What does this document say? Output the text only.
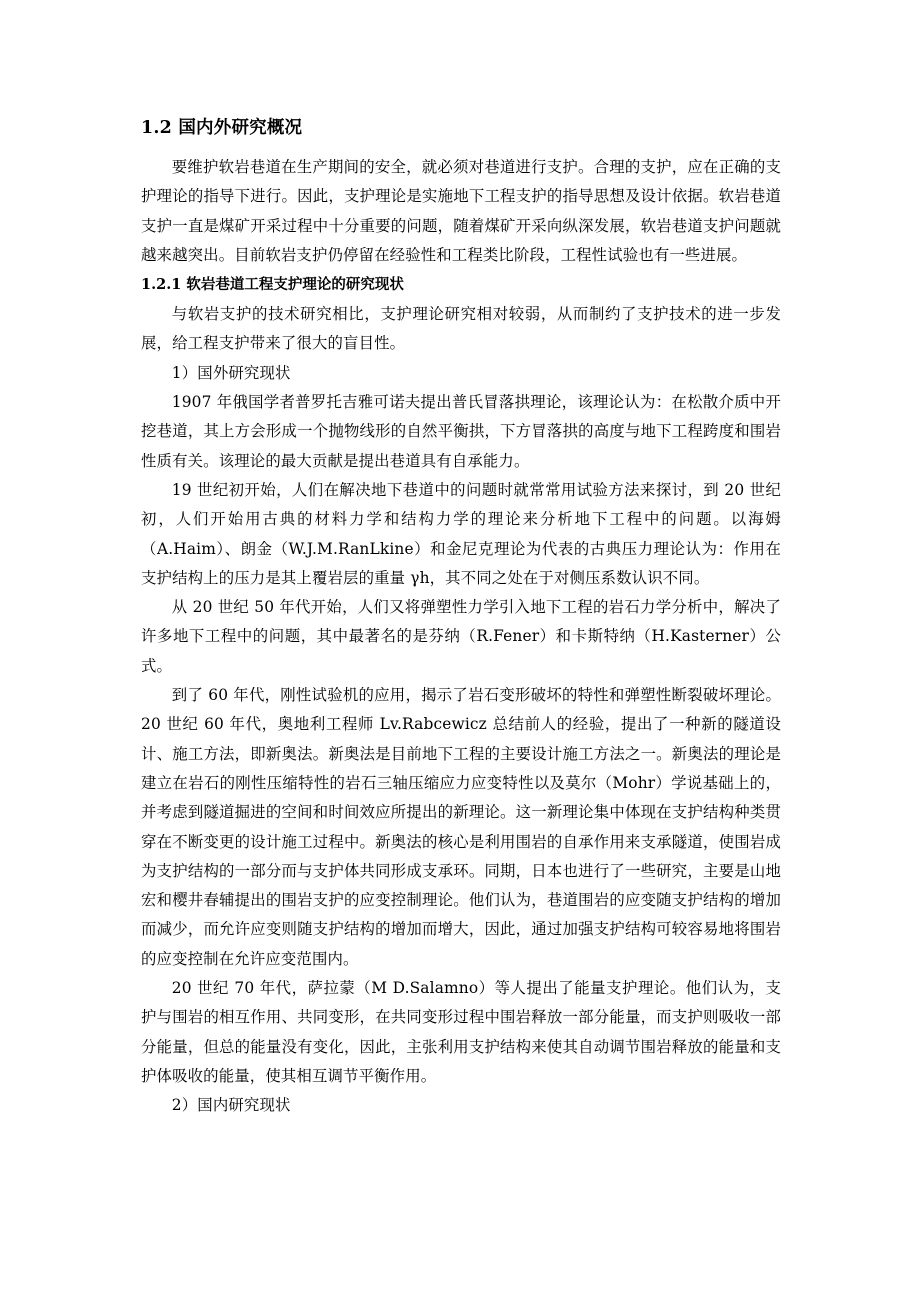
1.2 国内外研究概况

要维护软岩巷道在生产期间的安全，就必须对巷道进行支护。合理的支护，应在正确的支护理论的指导下进行。因此，支护理论是实施地下工程支护的指导思想及设计依据。软岩巷道支护一直是煤矿开采过程中十分重要的问题，随着煤矿开采向纵深发展，软岩巷道支护问题就越来越突出。目前软岩支护仍停留在经验性和工程类比阶段，工程性试验也有一些进展。

1.2.1 软岩巷道工程支护理论的研究现状

与软岩支护的技术研究相比，支护理论研究相对较弱，从而制约了支护技术的进一步发展，给工程支护带来了很大的盲目性。

1）国外研究现状

1907 年俄国学者普罗托吉雅可诺夫提出普氏冒落拱理论，该理论认为：在松散介质中开挖巷道，其上方会形成一个抛物线形的自然平衡拱，下方冒落拱的高度与地下工程跨度和围岩性质有关。该理论的最大贡献是提出巷道具有自承能力。

19 世纪初开始，人们在解决地下巷道中的问题时就常常用试验方法来探讨，到 20 世纪初，人们开始用古典的材料力学和结构力学的理论来分析地下工程中的问题。以海姆（A.Haim）、朗金（W.J.M.RanLkine）和金尼克理论为代表的古典压力理论认为：作用在支护结构上的压力是其上覆岩层的重量 γh，其不同之处在于对侧压系数认识不同。

从 20 世纪 50 年代开始，人们又将弹塑性力学引入地下工程的岩石力学分析中，解决了许多地下工程中的问题，其中最著名的是芬纳（R.Fener）和卡斯特纳（H.Kasterner）公式。

到了 60 年代，刚性试验机的应用，揭示了岩石变形破坏的特性和弹塑性断裂破坏理论。20 世纪 60 年代，奥地利工程师 Lv.Rabcewicz 总结前人的经验，提出了一种新的隧道设计、施工方法，即新奥法。新奥法是目前地下工程的主要设计施工方法之一。新奥法的理论是建立在岩石的刚性压缩特性的岩石三轴压缩应力应变特性以及莫尔（Mohr）学说基础上的，并考虑到隧道掘进的空间和时间效应所提出的新理论。这一新理论集中体现在支护结构种类贯穿在不断变更的设计施工过程中。新奥法的核心是利用围岩的自承作用来支承隧道，使围岩成为支护结构的一部分而与支护体共同形成支承环。同期，日本也进行了一些研究，主要是山地宏和樱井春辅提出的围岩支护的应变控制理论。他们认为，巷道围岩的应变随支护结构的增加而减少，而允许应变则随支护结构的增加而增大，因此，通过加强支护结构可较容易地将围岩的应变控制在允许应变范围内。

20 世纪 70 年代，萨拉蒙（M D.Salamno）等人提出了能量支护理论。他们认为，支护与围岩的相互作用、共同变形，在共同变形过程中围岩释放一部分能量，而支护则吸收一部分能量，但总的能量没有变化，因此，主张利用支护结构来使其自动调节围岩释放的能量和支护体吸收的能量，使其相互调节平衡作用。

2）国内研究现状
